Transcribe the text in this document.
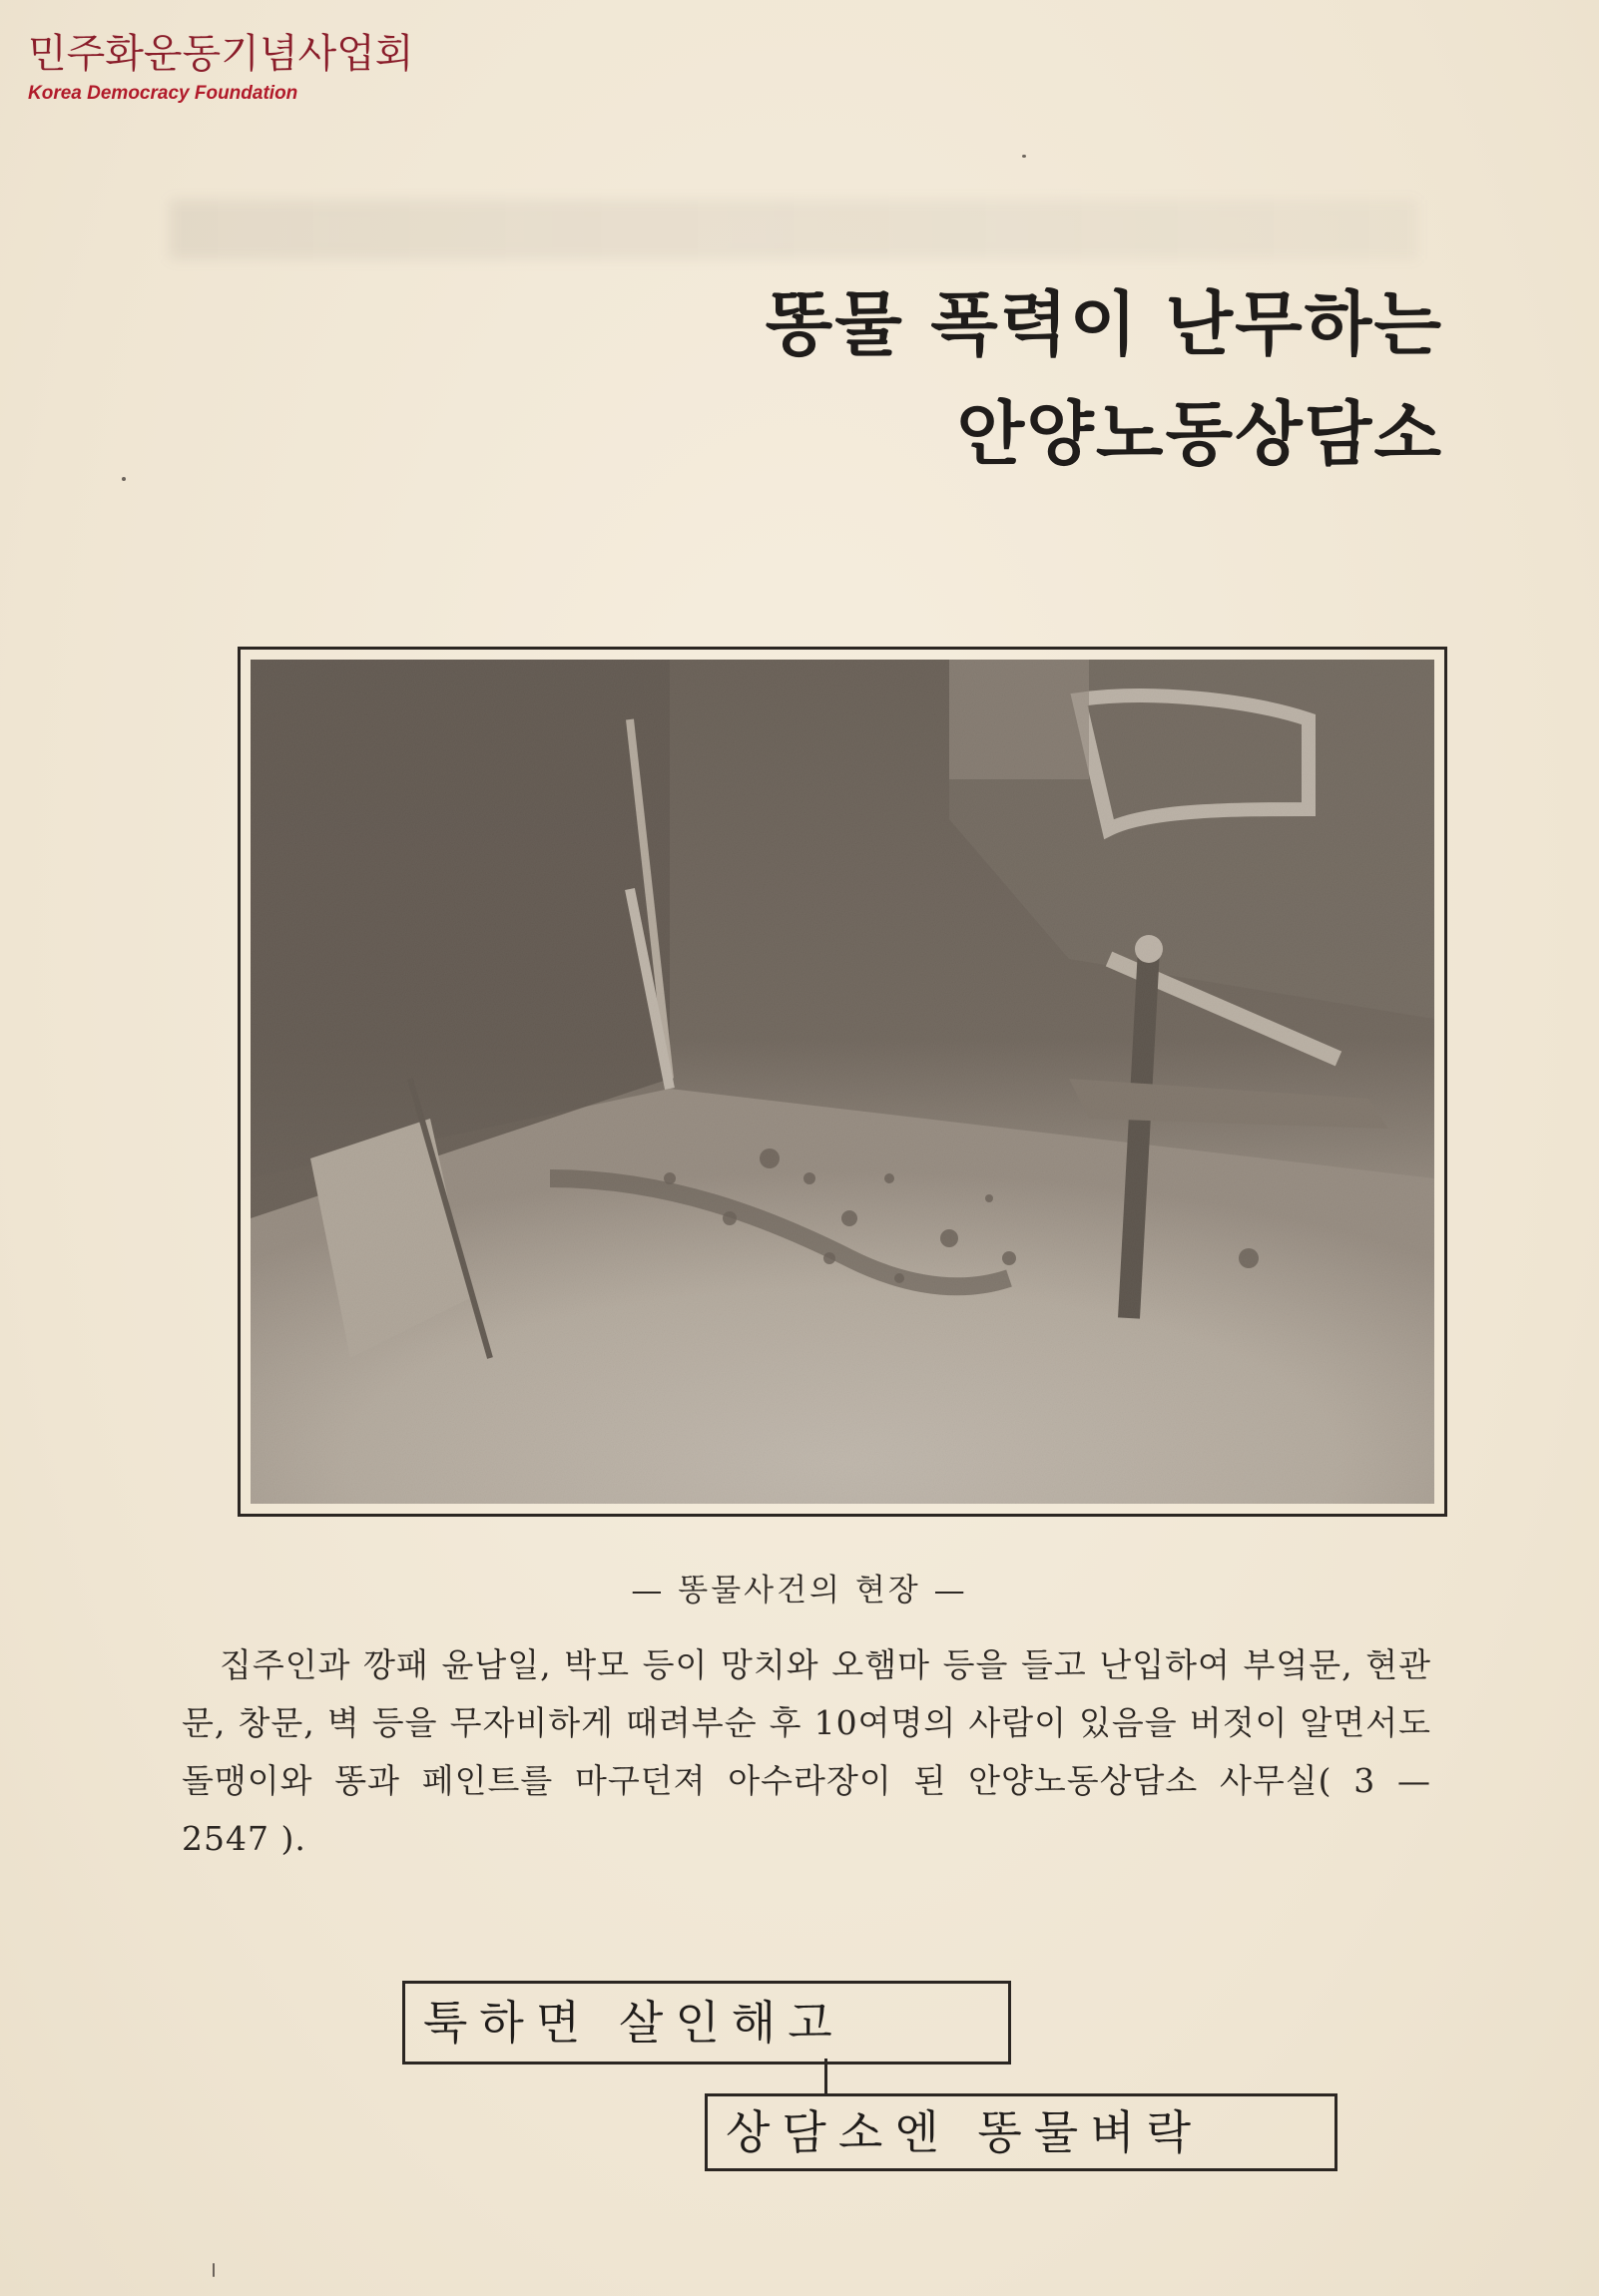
민주화운동기념사업회
Korea Democracy Foundation
똥물 폭력이 난무하는
안양노동상담소
— 똥물사건의 현장 —
집주인과 깡패 윤남일, 박모 등이 망치와 오햄마 등을 들고 난입하여 부엌문, 현관문, 창문, 벽 등을 무자비하게 때려부순 후 10여명의 사람이 있음을 버젓이 알면서도 돌맹이와 똥과 페인트를 마구던져 아수라장이 된 안양노동상담소 사무실( 3 — 2547 ).
툭하면 살인해고
상담소엔 똥물벼락
